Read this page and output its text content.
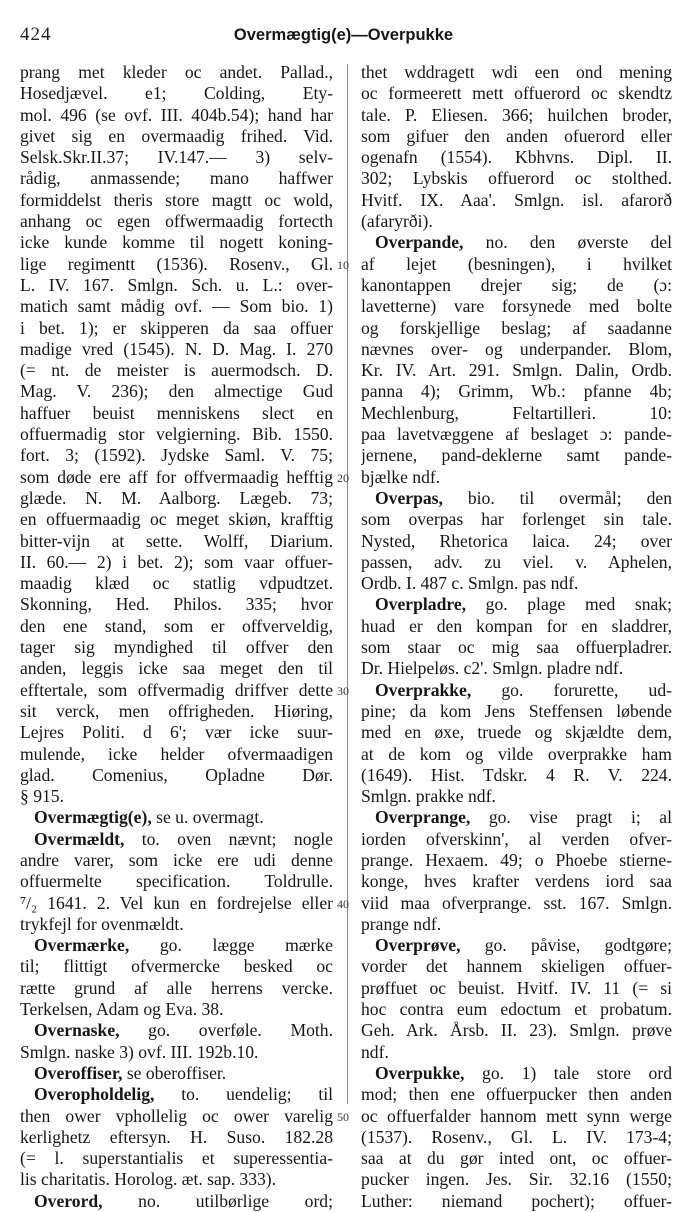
424	Overmægtig(e)—Overpukke
prang met kleder oc andet. Pallad.,
Hosedjævel. e1; Colding, Ety-
mol. 496 (se ovf. III. 404b.54); hand har
givet sig en overmaadig frihed. Vid.
Selsk.Skr.II.37; IV.147.— 3) selv-
rådig, anmassende; mano haffwer
formiddelst theris store magtt oc wold,
anhang oc egen offwermaadig fortecth
icke kunde komme til nogett koning-
lige regimentt (1536). Rosenv., Gl.
L. IV. 167. Smlgn. Sch. u. L.: over-
matich samt mådig ovf. — Som bio. 1)
i bet. 1); er skipperen da saa offuer
madige vred (1545). N. D. Mag. I. 270
(= nt. de meister is auermodsch. D.
Mag. V. 236); den almectige Gud
haffuer beuist menniskens slect en
offuermadig stor velgierning. Bib. 1550.
fort. 3; (1592). Jydske Saml. V. 75;
som døde ere aff for offvermaadig hefftig
glæde. N. M. Aalborg. Lægeb. 73;
en offuermaadig oc meget skiøn, krafftig
bitter-vijn at sette. Wolff, Diarium.
II. 60.— 2) i bet. 2); som vaar offuer-
maadig klæd oc statlig vdpudtzet.
Skonning, Hed. Philos. 335; hvor
den ene stand, som er offverveldig,
tager sig myndighed til offver den
anden, leggis icke saa meget den til
efftertale, som offvermadig driffver dette
sit verck, men offrigheden. Hiøring,
Lejres Politi. d 6'; vær icke suur-
mulende, icke helder ofvermaadigen
glad. Comenius, Opladne Dør.
§ 915.
Overmægtig(e), se u. overmagt.
Overmældt, to. oven nævnt; nogle
andre varer, som icke ere udi denne
offuermelte specification. Toldrulle.
⁷/₂ 1641. 2. Vel kun en fordrejelse eller
trykfejl for ovenmældt.
Overmærke, go. lægge mærke
til; flittigt ofvermercke besked oc
rætte grund af alle herrens vercke.
Terkelsen, Adam og Eva. 38.
Overnaske, go. overføle. Moth.
Smlgn. naske 3) ovf. III. 192b.10.
Overoffiser, se oberoffiser.
Overopholdelig, to. uendelig; til
then ower vphollelig oc ower varelig
kerlighetz eftersyn. H. Suso. 182.28
(= l. superstantialis et superessentia-
lis charitatis. Horolog. æt. sap. 333).
Overord, no. utilbørlige ord;
thet wddragett wdi een ond mening
oc formeerett mett offuerord oc skendtz
tale. P. Eliesen. 366; huilchen broder,
som gifuer den anden ofuerord eller
ogenafn (1554). Kbhvns. Dipl. II.
302; Lybskis offuerord oc stolthed.
Hvitf. IX. Aaa'. Smlgn. isl. afarorð
(afaryrði).
Overpande, no. den øverste del
af lejet (besningen), i hvilket
kanontappen drejer sig; de (ɔ:
lavetterne) vare forsynede med bolte
og forskjellige beslag; af saadanne
nævnes over- og underpander. Blom,
Kr. IV. Art. 291. Smlgn. Dalin, Ordb.
panna 4); Grimm, Wb.: pfanne 4b;
Mechlenburg, Feltartilleri. 10:
paa lavetvæggene af beslaget ɔ: pande-
jernene, pand-deklerne samt pande-
bjælke ndf.
Overpas, bio. til overmål; den
som overpas har forlenget sin tale.
Nysted, Rhetorica laica. 24; over
passen, adv. zu viel. v. Aphelen,
Ordb. I. 487 c. Smlgn. pas ndf.
Overpladre, go. plage med snak;
huad er den kompan for en sladdrer,
som staar oc mig saa offuerpladrer.
Dr. Hielpeløs. c2'. Smlgn. pladre ndf.
Overprakke, go. forurette, ud-
pine; da kom Jens Steffensen løbende
med en øxe, truede og skjældte dem,
at de kom og vilde overprakke ham
(1649). Hist. Tdskr. 4 R. V. 224.
Smlgn. prakke ndf.
Overprange, go. vise pragt i; al
iorden ofverskinn', al verden ofver-
prange. Hexaem. 49; o Phoebe stierne-
konge, hves krafter verdens iord saa
viid maa ofverprange. sst. 167. Smlgn.
prange ndf.
Overprøve, go. påvise, godtgøre;
vorder det hannem skieligen offuer-
prøffuet oc beuist. Hvitf. IV. 11 (= si
hoc contra eum edoctum et probatum.
Geh. Ark. Årsb. II. 23). Smlgn. prøve
ndf.
Overpukke, go. 1) tale store ord
mod; then ene offuerpucker then anden
oc offuerfalder hannom mett synn werge
(1537). Rosenv., Gl. L. IV. 173-4;
saa at du gør inted ont, oc offuer-
pucker ingen. Jes. Sir. 32.16 (1550;
Luther: niemand pochert); offuer-
10
20
30
40
50
